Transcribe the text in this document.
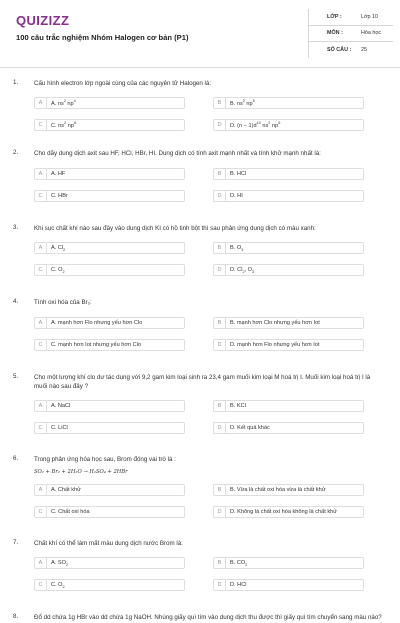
QUIZIZZ
100 câu trắc nghiệm Nhóm Halogen cơ bản (P1)
LỚP :	Lớp 10
MÔN :	Hóa học
SỐ CÂU :	25
1.	Cấu hình electron lớp ngoài cùng của các nguyên tử Halogen là:
A	A. $ns^2$ $np^4$	B	B. $ns^2$ $np^5$
C	C. $ns^2$ $np^6$	D	D. $(n - 1)d^{10}$ $ns^2$ $np^5$
2.	Cho dãy dung dịch axit sau HF, HCl, HBr, HI. Dung dịch có tính axit mạnh nhất và tính khử mạnh nhất là:
A	A. HF	B	B. HCl
C	C. HBr	D	D. HI
3.	Khi sục chất khí nào sau đây vào dung dịch KI có hồ tinh bột thì sau phản ứng dung dịch có màu xanh:
A	A. $Cl_2$	B	B. $O_3$
C	C. $O_2$	D	D. $Cl_2$, $O_3$
4.	Tính oxi hóa của Br₂:
A	A. mạnh hơn Flo nhưng yếu hơn Clo	B	B. mạnh hơn Clo nhưng yếu hơn Iot
C	C. mạnh hơn Iot nhưng yếu hơn Clo	D	D. mạnh hơn Flo nhưng yếu hơn Iot
5.	Cho một lượng khí clo dư tác dụng với 9,2 gam kim loại sinh ra 23,4 gam muối kim loại M hoá trị I. Muối kim loại hoá trị I là muối nào sau đây ?
A	A. NaCl	B	B. KCl
C	C. LiCl	D	D. Kết quả khác
6.	Trong phản ứng hóa học sau, Brom đóng vai trò là :
SO₂ + Br₂ + 2H₂O → H₂SO₄ + 2HBr
A	A. Chất khử	B	B. Vừa là chất oxi hóa vừa là chất khử
C	C. Chất oxi hóa	D	D. Không là chất oxi hóa không là chất khử
7.	Chất khí có thể làm mất màu dung dịch nước Brom là:
A	A. $SO_2$	B	B. $CO_2$
C	C. $O_2$	D	D. HCl
8.	Đổ dd chứa 1g HBr vào dd chứa 1g NaOH. Nhúng giấy quì tím vào dung dịch thu được thì giấy quì tím chuyển sang màu nào?
